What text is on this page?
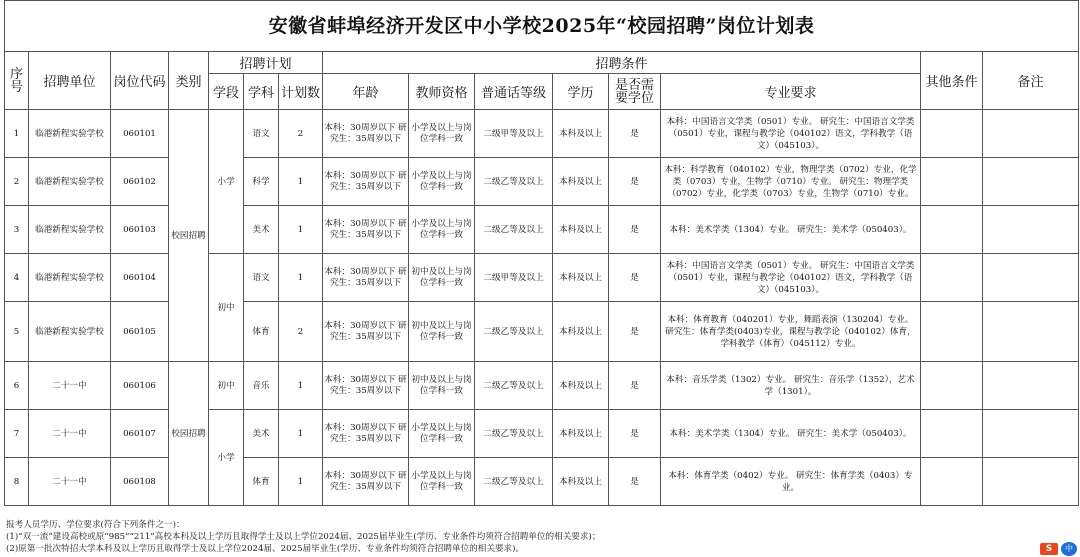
安徽省蚌埠经济开发区中小学校2025年“校园招聘”岗位计划表														
序号	招聘单位	岗位代码	类别	招聘计划			招聘条件						其他条件	备注
				学段	学科	计划数	年龄	教师资格	普通话等级	学历	是否需要学位	专业要求		
1	临港新程实验学校	060101	校园招聘	小学	语文	2	本科：30周岁以下 研究生：35周岁以下	小学及以上与岗位学科一致	二级甲等及以上	本科及以上	是	本科：中国语言文学类（0501）专业。 研究生：中国语言文学类（0501）专业，课程与教学论（040102）语文，学科教学（语文）（045103）。		
2	临港新程实验学校	060102			科学	1	本科：30周岁以下 研究生：35周岁以下	小学及以上与岗位学科一致	二级乙等及以上	本科及以上	是	本科：科学教育（040102）专业，物理学类（0702）专业，化学类（0703）专业，生物学（0710）专业。 研究生：物理学类（0702）专业，化学类（0703）专业，生物学（0710）专业。		
3	临港新程实验学校	060103			美术	1	本科：30周岁以下 研究生：35周岁以下	小学及以上与岗位学科一致	二级乙等及以上	本科及以上	是	本科：美术学类（1304）专业。 研究生：美术学（050403）。		
4	临港新程实验学校	060104		初中	语文	1	本科：30周岁以下 研究生：35周岁以下	初中及以上与岗位学科一致	二级甲等及以上	本科及以上	是	本科：中国语言文学类（0501）专业。 研究生：中国语言文学类（0501）专业，课程与教学论（040102）语文，学科教学（语文）（045103）。		
5	临港新程实验学校	060105			体育	2	本科：30周岁以下 研究生：35周岁以下	初中及以上与岗位学科一致	二级乙等及以上	本科及以上	是	本科：体育教育（040201）专业，舞蹈表演（130204）专业。 研究生：体育学类(0403)专业，课程与教学论（040102）体育，学科教学（体育）（045112）专业。		
6	二十一中	060106	校园招聘	初中	音乐	1	本科：30周岁以下 研究生：35周岁以下	初中及以上与岗位学科一致	二级乙等及以上	本科及以上	是	本科：音乐学类（1302）专业。 研究生：音乐学（1352），艺术学（1301）。		
7	二十一中	060107		小学	美术	1	本科：30周岁以下 研究生：35周岁以下	小学及以上与岗位学科一致	二级乙等及以上	本科及以上	是	本科：美术学类（1304）专业。 研究生：美术学（050403）。		
8	二十一中	060108			体育	1	本科：30周岁以下 研究生：35周岁以下	小学及以上与岗位学科一致	二级乙等及以上	本科及以上	是	本科：体育学类（0402）专业。 研究生：体育学类（0403）专业。		
报考人员学历、学位要求(符合下列条件之一)：
(1)“双一流”建设高校或原“985”“211”高校本科及以上学历且取得学士及以上学位2024届、2025届毕业生(学历、专业条件均须符合招聘单位的相关要求)；
(2)原第一批次特招大学本科及以上学历且取得学士及以上学位2024届、2025届毕业生(学历、专业条件均须符合招聘单位的相关要求)。	S	中
